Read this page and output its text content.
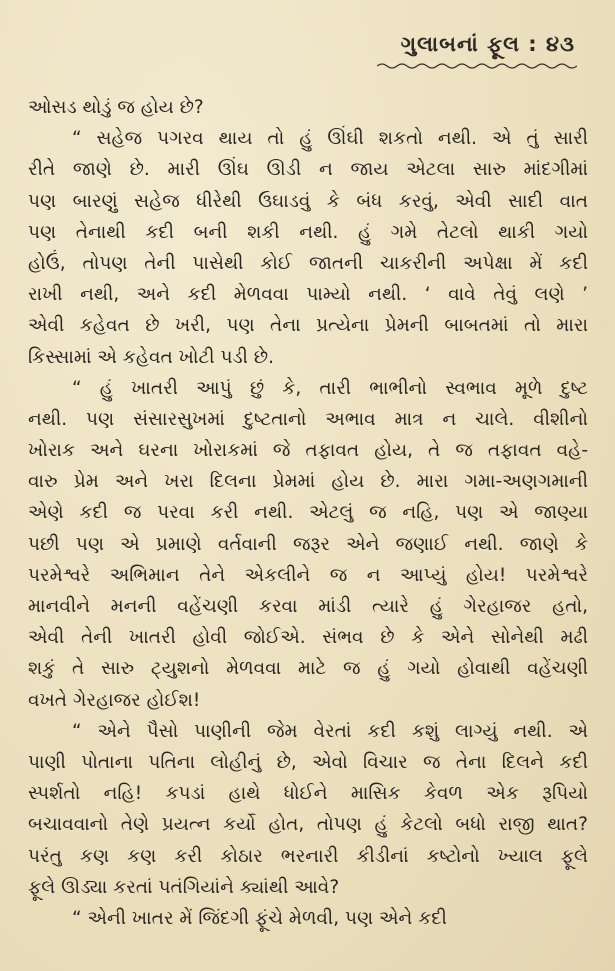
ગુલાબનાં ફૂલ : ૪૩
ઓસડ થોડું જ હોય છે?
“ સહેજ પગરવ થાય તો હું ઊંઘી શકતો નથી. એ તું સારી
રીતે જાણે છે. મારી ઊંઘ ઊડી ન જાય એટલા સારુ માંદગીમાં
પણ બારણું સહેજ ધીરેથી ઉઘાડવું કે બંધ કરવું, એવી સાદી વાત
પણ તેનાથી કદી બની શકી નથી. હું ગમે તેટલો થાકી ગયો
હોઉં, તોપણ તેની પાસેથી કોઈ જાતની ચાકરીની અપેક્ષા મેં કદી
રાખી નથી, અને કદી મેળવવા પામ્યો નથી. ‘ વાવે તેવું લણે ’
એવી કહેવત છે ખરી, પણ તેના પ્રત્યેના પ્રેમની બાબતમાં તો મારા
કિસ્સામાં એ કહેવત ખોટી પડી છે.
“ હું ખાતરી આપું છું કે, તારી ભાભીનો સ્વભાવ મૂળે દુષ્ટ
નથી. પણ સંસારસુખમાં દુષ્ટતાનો અભાવ માત્ર ન ચાલે. વીશીનો
ખોરાક અને ઘરના ખોરાકમાં જે તફાવત હોય, તે જ તફાવત વહે-
વારુ પ્રેમ અને ખરા દિલના પ્રેમમાં હોય છે. મારા ગમા-અણગમાની
એણે કદી જ પરવા કરી નથી. એટલું જ નહિ, પણ એ જાણ્યા
પછી પણ એ પ્રમાણે વર્તવાની જરૂર એને જણાઈ નથી. જાણે કે
પરમેશ્વરે અભિમાન તેને એકલીને જ ન આપ્યું હોય! પરમેશ્વરે
માનવીને મનની વહેંચણી કરવા માંડી ત્યારે હું ગેરહાજર હતો,
એવી તેની ખાતરી હોવી જોઈએ. સંભવ છે કે એને સોનેથી મઢી
શકું તે સારુ ટ્યુશનો મેળવવા માટે જ હું ગયો હોવાથી વહેંચણી
વખતે ગેરહાજર હોઈશ!
“ એને પૈસો પાણીની જેમ વેરતાં કદી કશું લાગ્યું નથી. એ
પાણી પોતાના પતિના લોહીનું છે, એવો વિચાર જ તેના દિલને કદી
સ્પર્શતો નહિ! કપડાં હાથે ધોઈને માસિક કેવળ એક રૂપિયો
બચાવવાનો તેણે પ્રયત્ન કર્યો હોત, તોપણ હું કેટલો બધો રાજી થાત?
પરંતુ કણ કણ કરી કોઠાર ભરનારી કીડીનાં કષ્ટોનો ખ્યાલ ફૂલે
ફૂલે ઊડ્યા કરતાં પતંગિયાંને ક્યાંથી આવે?
“ એની ખાતર મેં જિંદગી ફૂંચે મેળવી, પણ એને કદી
